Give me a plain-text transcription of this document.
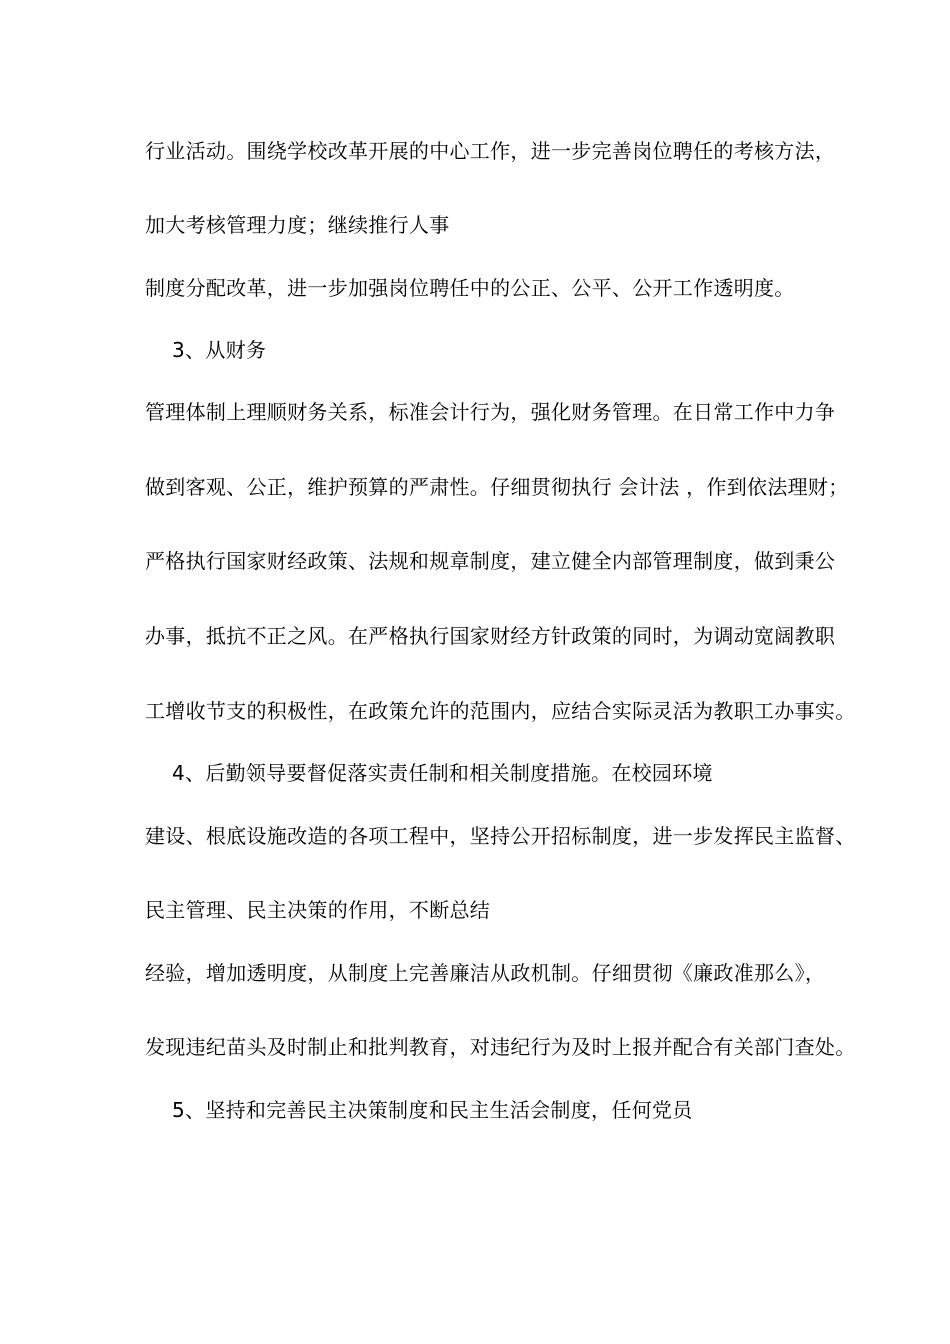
行业活动。围绕学校改革开展的中心工作，进一步完善岗位聘任的考核方法，
加大考核管理力度；继续推行人事
制度分配改革，进一步加强岗位聘任中的公正、公平、公开工作透明度。
3、从财务
管理体制上理顺财务关系，标准会计行为，强化财务管理。在日常工作中力争
做到客观、公正，维护预算的严肃性。仔细贯彻执行 会计法 ，作到依法理财；
严格执行国家财经政策、法规和规章制度，建立健全内部管理制度，做到秉公
办事，抵抗不正之风。在严格执行国家财经方针政策的同时，为调动宽阔教职
工增收节支的积极性，在政策允许的范围内，应结合实际灵活为教职工办事实。
4、后勤领导要督促落实责任制和相关制度措施。在校园环境
建设、根底设施改造的各项工程中，坚持公开招标制度，进一步发挥民主监督、
民主管理、民主决策的作用，不断总结
经验，增加透明度，从制度上完善廉洁从政机制。仔细贯彻《廉政准那么》，
发现违纪苗头及时制止和批判教育，对违纪行为及时上报并配合有关部门查处。
5、坚持和完善民主决策制度和民主生活会制度，任何党员
